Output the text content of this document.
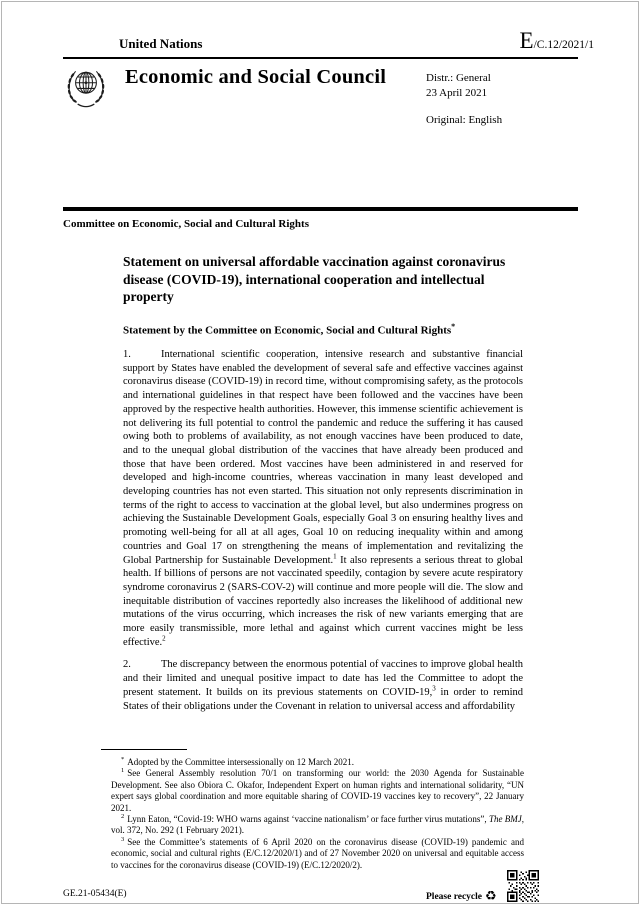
United Nations	E /C.12/2021/1
Economic and Social Council	Distr.: General
23 April 2021
Original: English
Committee on Economic, Social and Cultural Rights
Statement on universal affordable vaccination against coronavirus disease (COVID-19), international cooperation and intellectual property
Statement by the Committee on Economic, Social and Cultural Rights*

1.	International scientific cooperation, intensive research and substantive financial support by States have enabled the development of several safe and effective vaccines against coronavirus disease (COVID-19) in record time, without compromising safety, as the protocols and international guidelines in that respect have been followed and the vaccines have been approved by the respective health authorities. However, this immense scientific achievement is not delivering its full potential to control the pandemic and reduce the suffering it has caused owing both to problems of availability, as not enough vaccines have been produced to date, and to the unequal global distribution of the vaccines that have already been produced and those that have been ordered. Most vaccines have been administered in and reserved for developed and high-income countries, whereas vaccination in many least developed and developing countries has not even started. This situation not only represents discrimination in terms of the right to access to vaccination at the global level, but also undermines progress on achieving the Sustainable Development Goals, especially Goal 3 on ensuring healthy lives and promoting well-being for all at all ages, Goal 10 on reducing inequality within and among countries and Goal 17 on strengthening the means of implementation and revitalizing the Global Partnership for Sustainable Development.$^1$ It also represents a serious threat to global health. If billions of persons are not vaccinated speedily, contagion by severe acute respiratory syndrome coronavirus 2 (SARS-COV-2) will continue and more people will die. The slow and inequitable distribution of vaccines reportedly also increases the likelihood of additional new mutations of the virus occurring, which increases the risk of new variants emerging that are more easily transmissible, more lethal and against which current vaccines might be less effective.$^2$

2.	The discrepancy between the enormous potential of vaccines to improve global health and their limited and unequal positive impact to date has led the Committee to adopt the present statement. It builds on its previous statements on COVID-19,$^3$ in order to remind States of their obligations under the Covenant in relation to universal access and affordability

* Adopted by the Committee intersessionally on 12 March 2021.

$^1$ See General Assembly resolution 70/1 on transforming our world: the 2030 Agenda for Sustainable Development. See also Obiora C. Okafor, Independent Expert on human rights and international solidarity, “UN expert says global coordination and more equitable sharing of COVID-19 vaccines key to recovery”, 22 January 2021.

$^2$ Lynn Eaton, “Covid-19: WHO warns against ‘vaccine nationalism’ or face further virus mutations”, The BMJ, vol. 372, No. 292 (1 February 2021).

$^3$ See the Committee’s statements of 6 April 2020 on the coronavirus disease (COVID-19) pandemic and economic, social and cultural rights (E/C.12/2020/1) and of 27 November 2020 on universal and equitable access to vaccines for the coronavirus disease (COVID-19) (E/C.12/2020/2).

GE.21-05434(E)	Please recycle ♻
